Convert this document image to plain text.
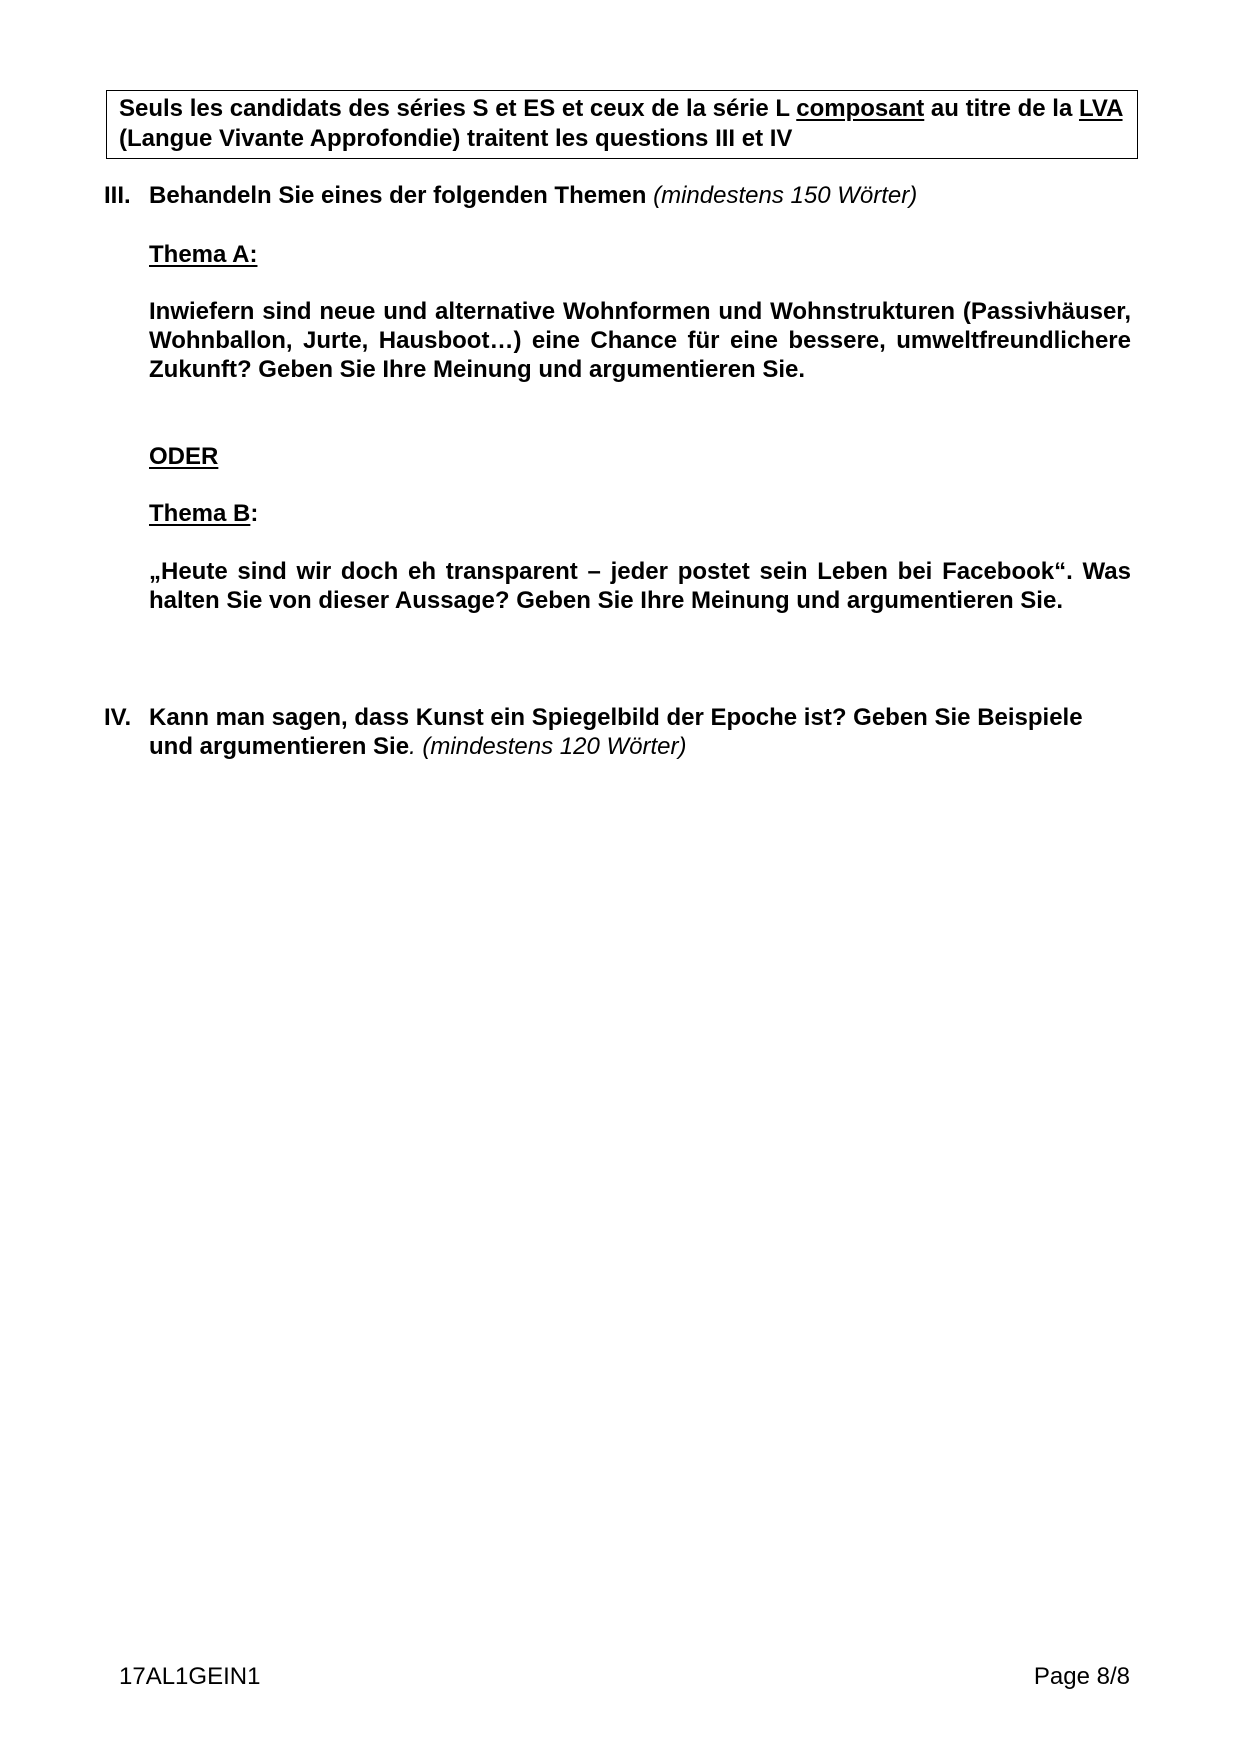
Seuls les candidats des séries S et ES et ceux de la série L composant au titre de la LVA (Langue Vivante Approfondie) traitent les questions III et IV
III. Behandeln Sie eines der folgenden Themen (mindestens 150 Wörter)
Thema A:
Inwiefern sind neue und alternative Wohnformen und Wohnstrukturen (Passivhäuser, Wohnballon, Jurte, Hausboot…) eine Chance für eine bessere, umweltfreundlichere Zukunft? Geben Sie Ihre Meinung und argumentieren Sie.
ODER
Thema B:
„Heute sind wir doch eh transparent – jeder postet sein Leben bei Facebook“. Was halten Sie von dieser Aussage? Geben Sie Ihre Meinung und argumentieren Sie.
IV. Kann man sagen, dass Kunst ein Spiegelbild der Epoche ist? Geben Sie Beispiele und argumentieren Sie. (mindestens 120 Wörter)
17AL1GEIN1	Page 8/8
